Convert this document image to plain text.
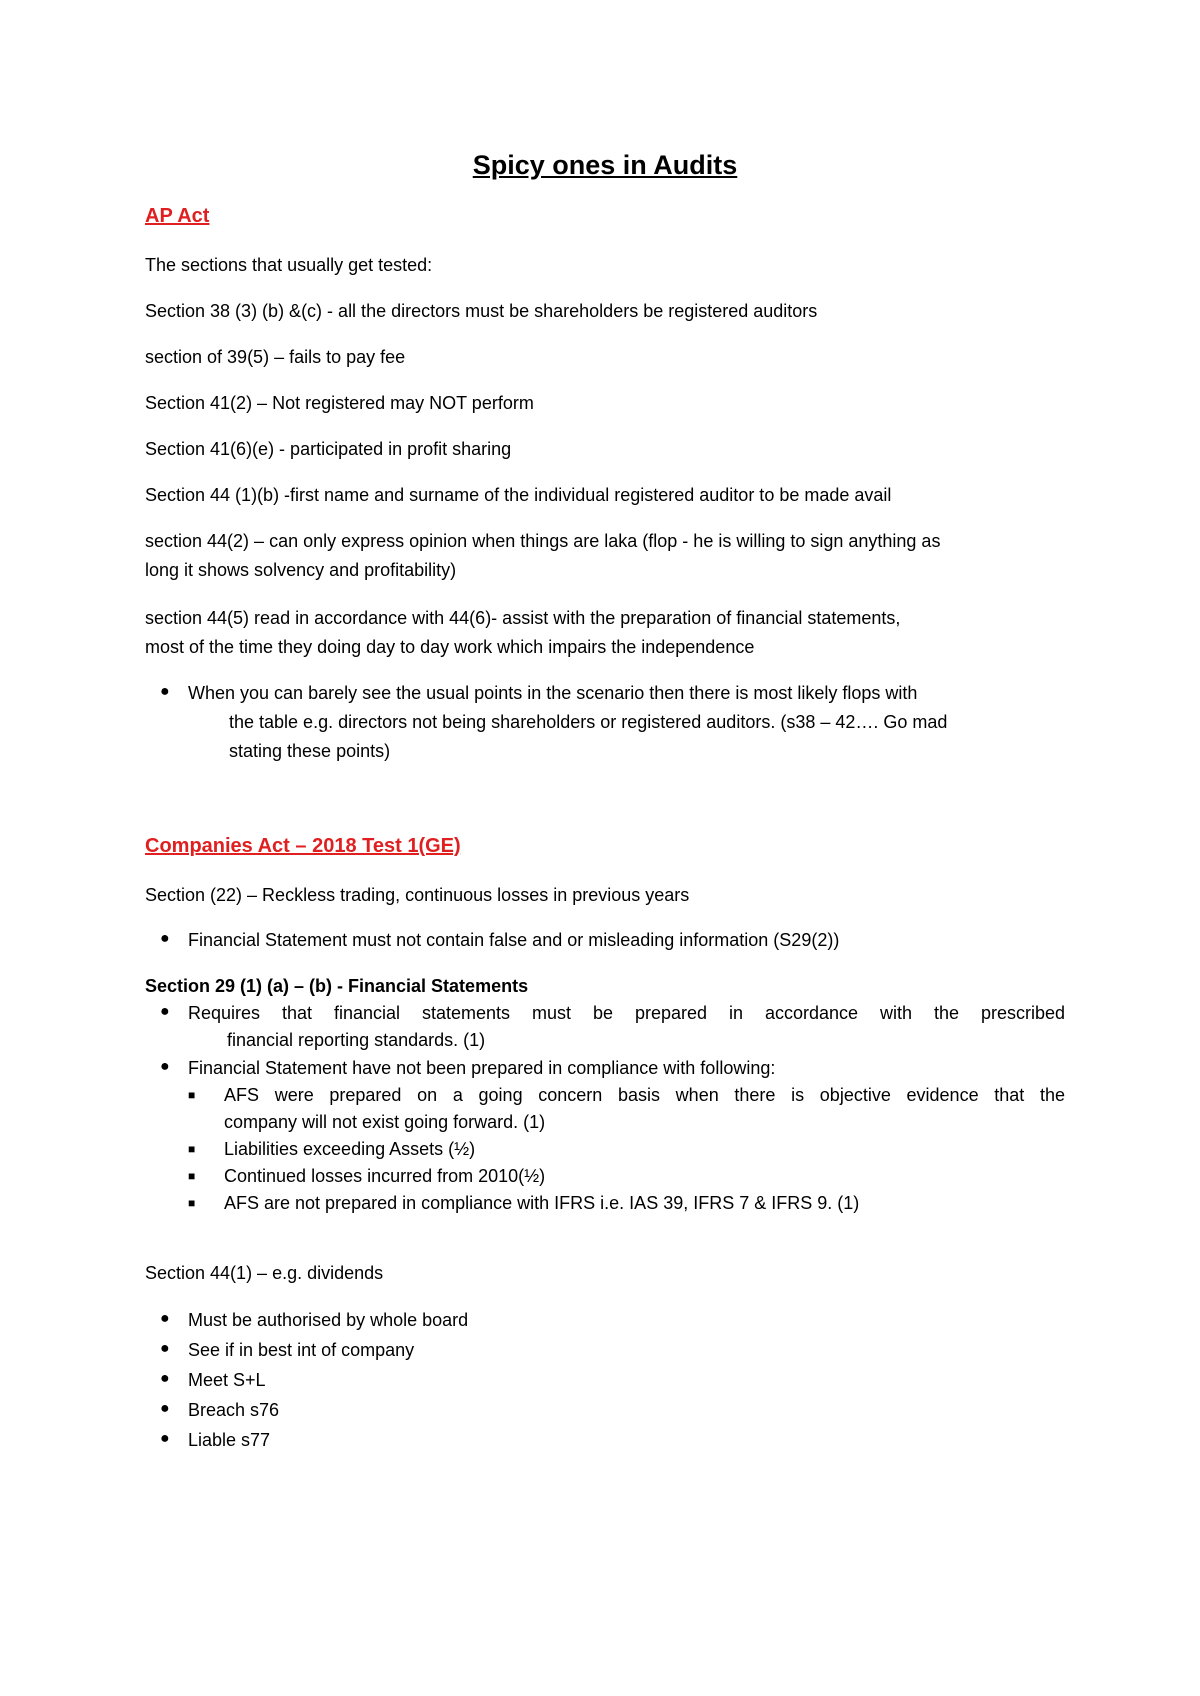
Spicy ones in Audits
AP Act

The sections that usually get tested:

Section 38 (3) (b) &(c) - all the directors must be shareholders be registered auditors

section of 39(5) – fails to pay fee

Section 41(2) – Not registered may NOT perform

Section 41(6)(e) - participated in profit sharing

Section 44 (1)(b) -first name and surname of the individual registered auditor to be made avail

section 44(2) – can only express opinion when things are laka (flop - he is willing to sign anything as

long it shows solvency and profitability)

section 44(5) read in accordance with 44(6)- assist with the preparation of financial statements,

most of the time they doing day to day work which impairs the independence

● When you can barely see the usual points in the scenario then there is most likely flops with

the table e.g. directors not being shareholders or registered auditors. (s38 – 42…. Go mad

stating these points)

Companies Act – 2018 Test 1(GE)

Section (22) – Reckless trading, continuous losses in previous years

● Financial Statement must not contain false and or misleading information (S29(2))

Section 29 (1) (a) – (b) - Financial Statements

● Requires that financial statements must be prepared in accordance with the prescribed

financial reporting standards. (1)

● Financial Statement have not been prepared in compliance with following:
■ AFS were prepared on a going concern basis when there is objective evidence that the

company will not exist going forward. (1)

■ Liabilities exceeding Assets (½)
■ Continued losses incurred from 2010(½)
■ AFS are not prepared in compliance with IFRS i.e. IAS 39, IFRS 7 & IFRS 9. (1)

Section 44(1) – e.g. dividends

● Must be authorised by whole board
● See if in best int of company
● Meet S+L
● Breach s76
● Liable s77
